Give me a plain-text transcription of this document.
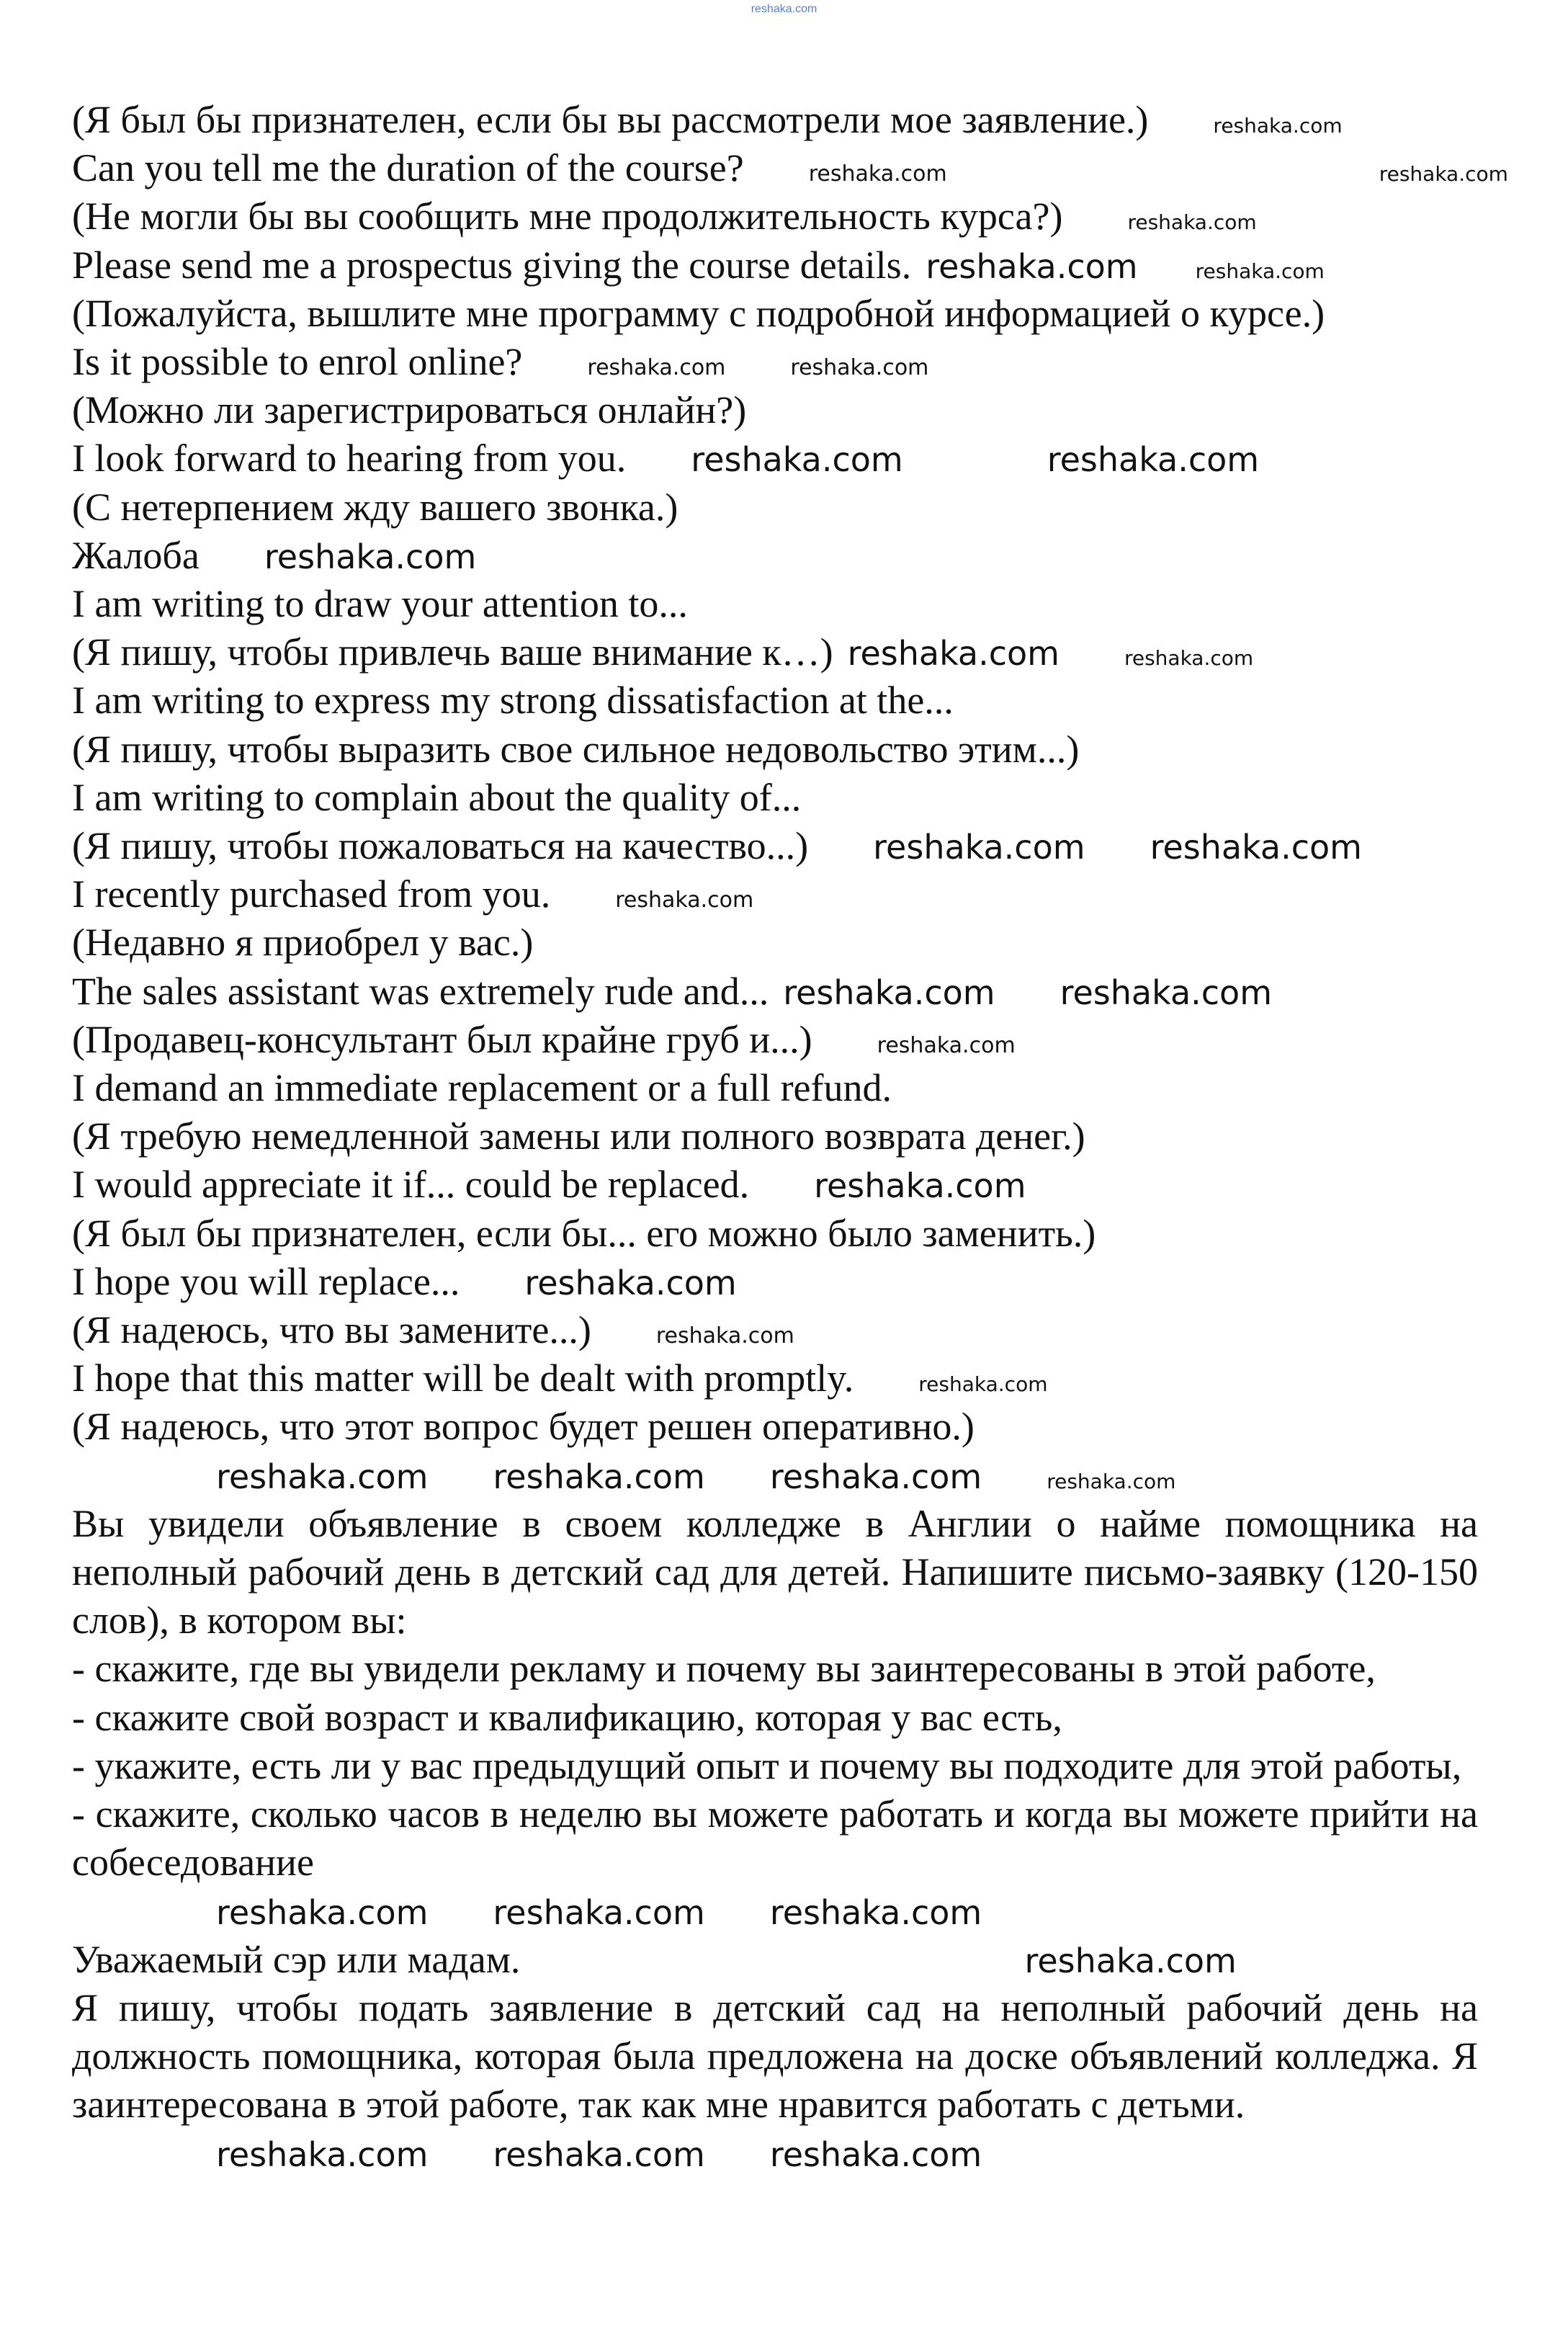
reshaka.com
(Я был бы признателен, если бы вы рассмотрели мое заявление.)	reshaka.com
Can you tell me the duration of the course?	reshaka.com	reshaka.com
(Не могли бы вы сообщить мне продолжительность курса?)	reshaka.com
Please send me a prospectus giving the course details. reshaka.com	reshaka.com
(Пожалуйста, вышлите мне программу с подробной информацией о курсе.)
Is it possible to enrol online?	reshaka.com	reshaka.com
(Можно ли зарегистрироваться онлайн?)
I look forward to hearing from you. reshaka.com	reshaka.com
(С нетерпением жду вашего звонка.)
Жалоба reshaka.com
I am writing to draw your attention to...
(Я пишу, чтобы привлечь ваше внимание к…) reshaka.com	reshaka.com
I am writing to express my strong dissatisfaction at the...
(Я пишу, чтобы выразить свое сильное недовольство этим...)
I am writing to complain about the quality of...
(Я пишу, чтобы пожаловаться на качество...) reshaka.com reshaka.com
I recently purchased from you.	reshaka.com
(Недавно я приобрел у вас.)
The sales assistant was extremely rude and... reshaka.com reshaka.com
(Продавец-консультант был крайне груб и...)	reshaka.com
I demand an immediate replacement or a full refund.
(Я требую немедленной замены или полного возврата денег.)
I would appreciate it if... could be replaced. reshaka.com
(Я был бы признателен, если бы... его можно было заменить.)
I hope you will replace... reshaka.com
(Я надеюсь, что вы замените...)	reshaka.com
I hope that this matter will be dealt with promptly.	reshaka.com
(Я надеюсь, что этот вопрос будет решен оперативно.)
reshaka.com reshaka.com reshaka.com	reshaka.com
Вы увидели объявление в своем колледже в Англии о найме помощника на неполный рабочий день в детский сад для детей. Напишите письмо-заявку (120-150 слов), в котором вы:
- скажите, где вы увидели рекламу и почему вы заинтересованы в этой работе,
- скажите свой возраст и квалификацию, которая у вас есть,
- укажите, есть ли у вас предыдущий опыт и почему вы подходите для этой работы,
- скажите, сколько часов в неделю вы можете работать и когда вы можете прийти на собеседование
reshaka.com reshaka.com reshaka.com
Уважаемый сэр или мадам.	reshaka.com
Я пишу, чтобы подать заявление в детский сад на неполный рабочий день на должность помощника, которая была предложена на доске объявлений колледжа. Я заинтересована в этой работе, так как мне нравится работать с детьми.
reshaka.com reshaka.com reshaka.com
